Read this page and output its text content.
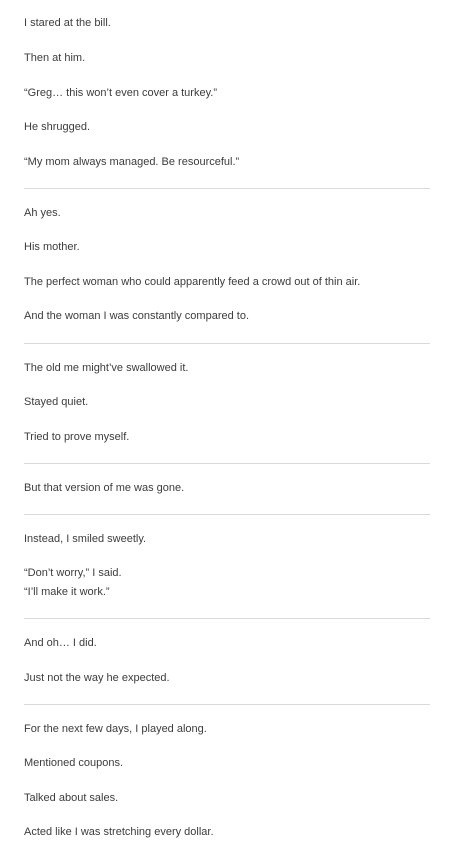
I stared at the bill.
Then at him.
“Greg… this won’t even cover a turkey.”
He shrugged.
“My mom always managed. Be resourceful.”
Ah yes.
His mother.
The perfect woman who could apparently feed a crowd out of thin air.
And the woman I was constantly compared to.
The old me might’ve swallowed it.
Stayed quiet.
Tried to prove myself.
But that version of me was gone.
Instead, I smiled sweetly.
“Don’t worry,” I said.
“I’ll make it work.”
And oh… I did.
Just not the way he expected.
For the next few days, I played along.
Mentioned coupons.
Talked about sales.
Acted like I was stretching every dollar.
